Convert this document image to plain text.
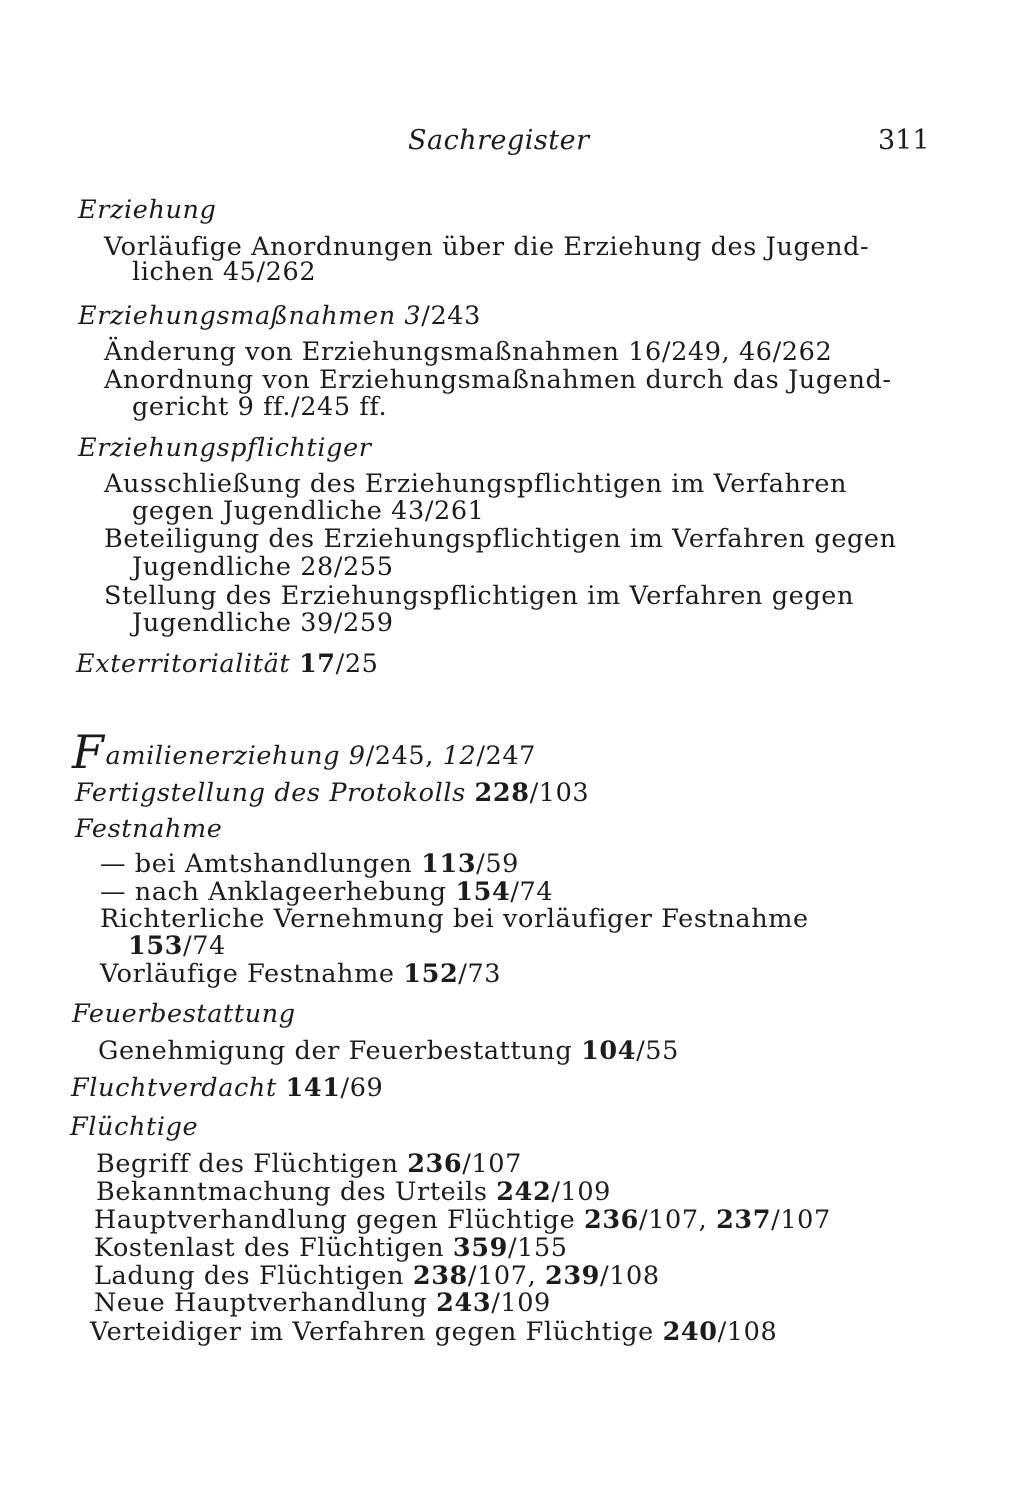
Sachregister	311
Erziehung
Vorläufige Anordnungen über die Erziehung des Jugend-
lichen 45/262
Erziehungsmaßnahmen 3/243
Änderung von Erziehungsmaßnahmen 16/249, 46/262
Anordnung von Erziehungsmaßnahmen durch das Jugend-
gericht 9 ff./245 ff.
Erziehungspflichtiger
Ausschließung des Erziehungspflichtigen im Verfahren
gegen Jugendliche 43/261
Beteiligung des Erziehungspflichtigen im Verfahren gegen
Jugendliche 28/255
Stellung des Erziehungspflichtigen im Verfahren gegen
Jugendliche 39/259
Exterritorialität 17/25
Familienerziehung 9/245, 12/247
Fertigstellung des Protokolls 228/103
Festnahme
— bei Amtshandlungen 113/59
— nach Anklageerhebung 154/74
Richterliche Vernehmung bei vorläufiger Festnahme
153/74
Vorläufige Festnahme 152/73
Feuerbestattung
Genehmigung der Feuerbestattung 104/55
Fluchtverdacht 141/69
Flüchtige
Begriff des Flüchtigen 236/107
Bekanntmachung des Urteils 242/109
Hauptverhandlung gegen Flüchtige 236/107, 237/107
Kostenlast des Flüchtigen 359/155
Ladung des Flüchtigen 238/107, 239/108
Neue Hauptverhandlung 243/109
Verteidiger im Verfahren gegen Flüchtige 240/108
